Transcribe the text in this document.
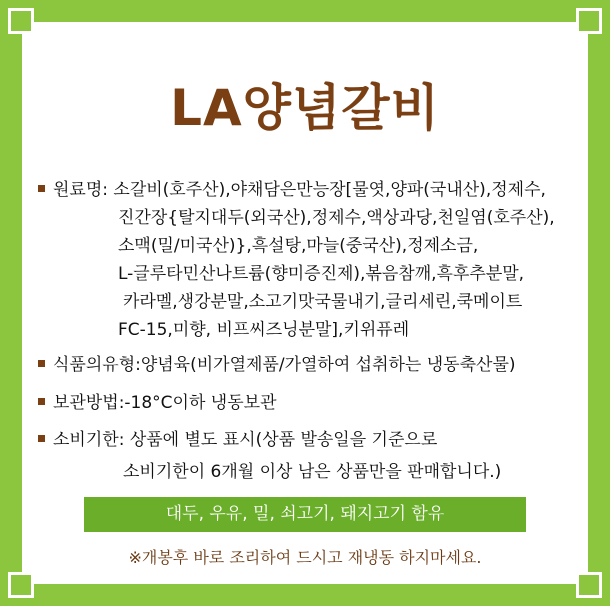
LA양념갈비
원료명: 소갈비(호주산),야채담은만능장[물엿,양파(국내산),정제수,
진간장{탈지대두(외국산),정제수,액상과당,천일염(호주산),
소맥(밀/미국산)},흑설탕,마늘(중국산),정제소금,
L-글루타민산나트륨(향미증진제),볶음참깨,흑후추분말,
카라멜,생강분말,소고기맛국물내기,글리세린,쿡메이트
FC-15,미향, 비프씨즈닝분말],키위퓨레
식품의유형:양념육(비가열제품/가열하여 섭취하는 냉동축산물)
보관방법:-18°C이하 냉동보관
소비기한: 상품에 별도 표시(상품 발송일을 기준으로
소비기한이 6개월 이상 남은 상품만을 판매합니다.)
대두, 우유, 밀, 쇠고기, 돼지고기 함유
※개봉후 바로 조리하여 드시고 재냉동 하지마세요.
